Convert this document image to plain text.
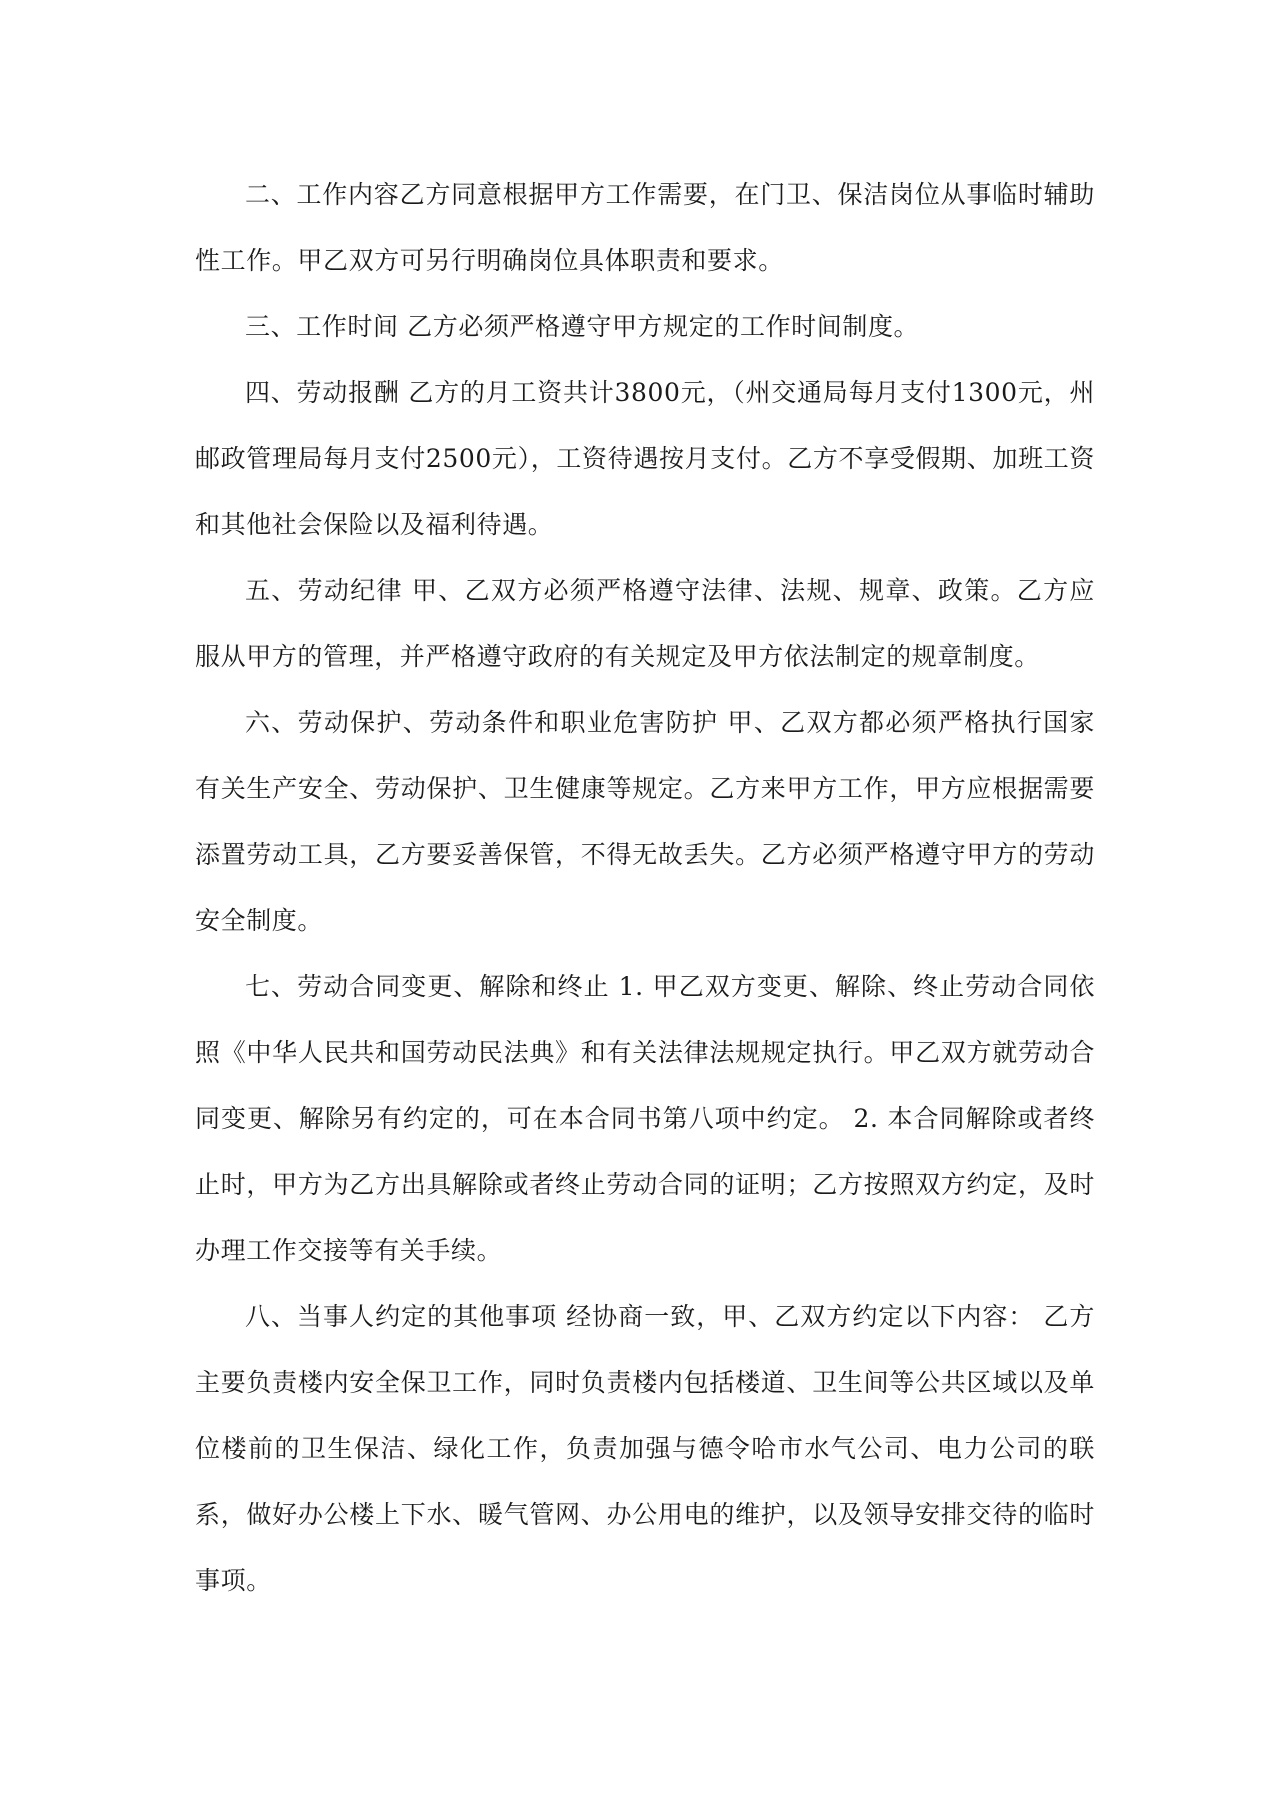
二、工作内容乙方同意根据甲方工作需要，在门卫、保洁岗位从事临时辅助性工作。甲乙双方可另行明确岗位具体职责和要求。

三、工作时间 乙方必须严格遵守甲方规定的工作时间制度。

四、劳动报酬 乙方的月工资共计3800元，（州交通局每月支付1300元，州邮政管理局每月支付2500元），工资待遇按月支付。乙方不享受假期、加班工资和其他社会保险以及福利待遇。

五、劳动纪律 甲、乙双方必须严格遵守法律、法规、规章、政策。乙方应服从甲方的管理，并严格遵守政府的有关规定及甲方依法制定的规章制度。

六、劳动保护、劳动条件和职业危害防护 甲、乙双方都必须严格执行国家有关生产安全、劳动保护、卫生健康等规定。乙方来甲方工作，甲方应根据需要添置劳动工具，乙方要妥善保管，不得无故丢失。乙方必须严格遵守甲方的劳动安全制度。

七、劳动合同变更、解除和终止 1. 甲乙双方变更、解除、终止劳动合同依照《中华人民共和国劳动民法典》和有关法律法规规定执行。甲乙双方就劳动合同变更、解除另有约定的，可在本合同书第八项中约定。 2. 本合同解除或者终止时，甲方为乙方出具解除或者终止劳动合同的证明；乙方按照双方约定，及时办理工作交接等有关手续。

八、当事人约定的其他事项 经协商一致，甲、乙双方约定以下内容： 乙方主要负责楼内安全保卫工作，同时负责楼内包括楼道、卫生间等公共区域以及单位楼前的卫生保洁、绿化工作，负责加强与德令哈市水气公司、电力公司的联系，做好办公楼上下水、暖气管网、办公用电的维护，以及领导安排交待的临时事项。
